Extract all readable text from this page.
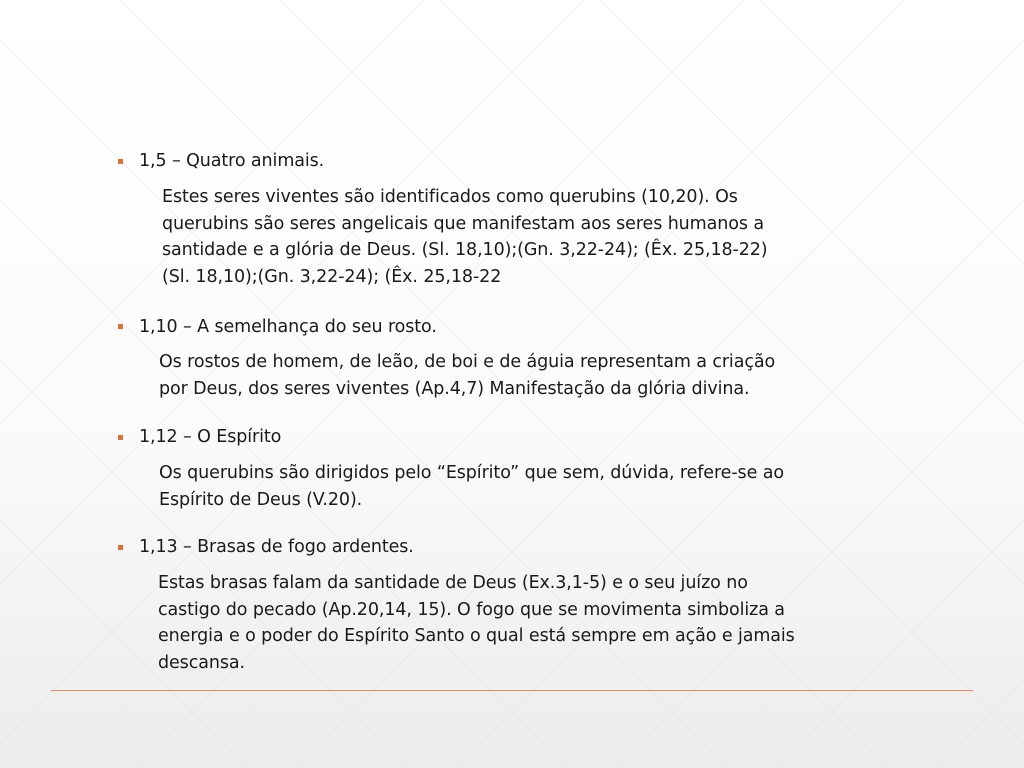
1,5 – Quatro animais.
Estes seres viventes são identificados como querubins (10,20). Os
querubins são seres angelicais que manifestam aos seres humanos a
santidade e a glória de Deus. (Sl. 18,10);(Gn. 3,22-24); (Êx. 25,18-22)
(Sl. 18,10);(Gn. 3,22-24); (Êx. 25,18-22
1,10 – A semelhança do seu rosto.
Os rostos de homem, de leão, de boi e de águia representam a criação
por Deus, dos seres viventes (Ap.4,7) Manifestação da glória divina.
1,12 – O Espírito
Os querubins são dirigidos pelo “Espírito” que sem, dúvida, refere-se ao
Espírito de Deus (V.20).
1,13 – Brasas de fogo ardentes.
Estas brasas falam da santidade de Deus (Ex.3,1-5) e o seu juízo no
castigo do pecado (Ap.20,14, 15). O fogo que se movimenta simboliza a
energia e o poder do Espírito Santo o qual está sempre em ação e jamais
descansa.
